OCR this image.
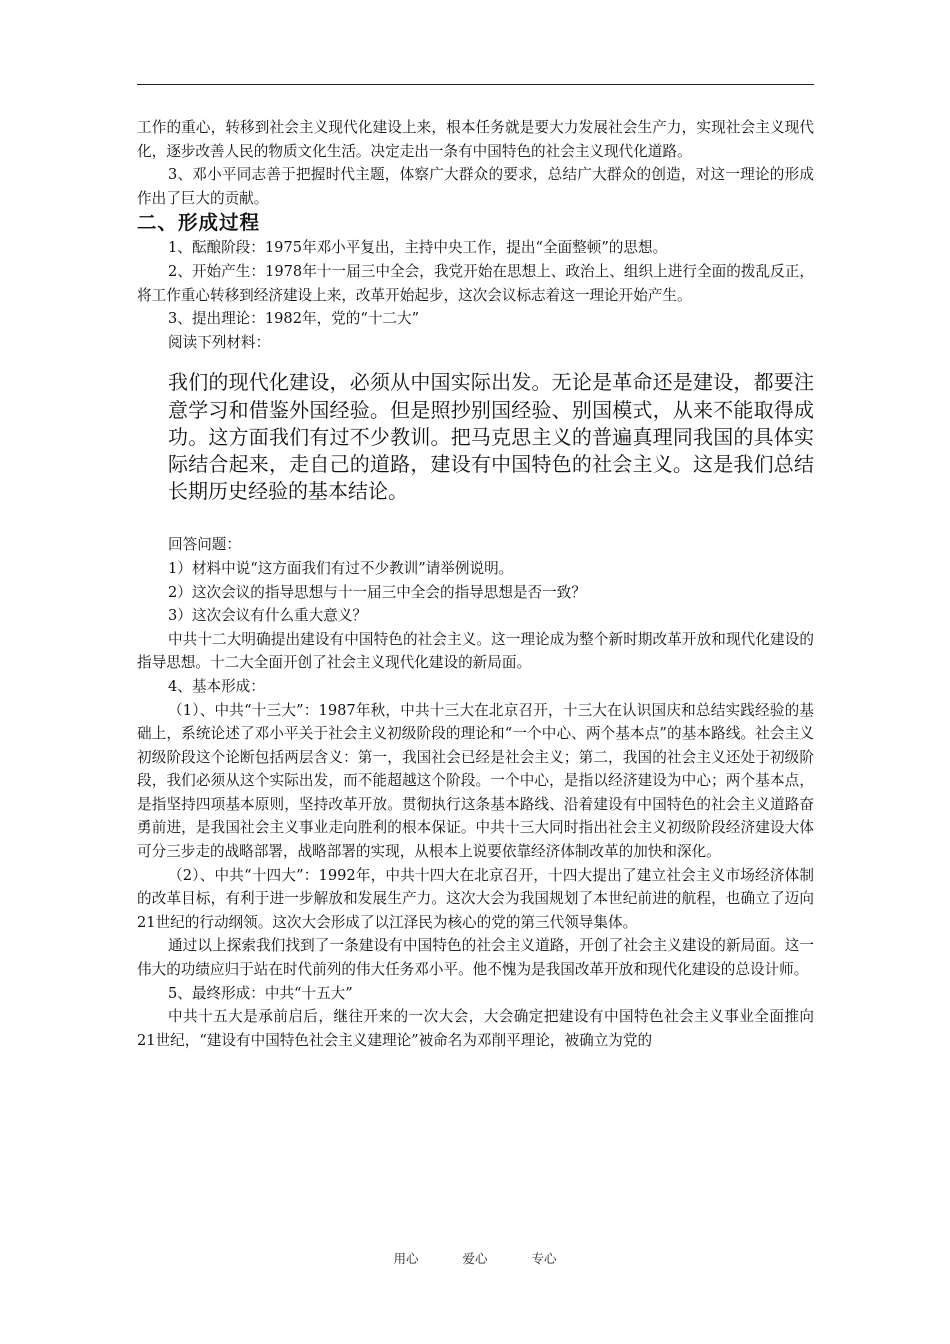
工作的重心，转移到社会主义现代化建设上来，根本任务就是要大力发展社会生产力，实现社会主义现代化，逐步改善人民的物质文化生活。决定走出一条有中国特色的社会主义现代化道路。

3、邓小平同志善于把握时代主题，体察广大群众的要求，总结广大群众的创造，对这一理论的形成作出了巨大的贡献。

二、形成过程

1、酝酿阶段：1975年邓小平复出，主持中央工作，提出“全面整顿”的思想。

2、开始产生：1978年十一届三中全会，我党开始在思想上、政治上、组织上进行全面的拨乱反正，将工作重心转移到经济建设上来，改革开始起步，这次会议标志着这一理论开始产生。

3、提出理论：1982年，党的“十二大”

阅读下列材料：

我们的现代化建设，必须从中国实际出发。无论是革命还是建设，都要注意学习和借鉴外国经验。但是照抄别国经验、别国模式，从来不能取得成功。这方面我们有过不少教训。把马克思主义的普遍真理同我国的具体实际结合起来，走自己的道路，建设有中国特色的社会主义。这是我们总结长期历史经验的基本结论。

回答问题：

1）材料中说“这方面我们有过不少教训”请举例说明。

2）这次会议的指导思想与十一届三中全会的指导思想是否一致？

3）这次会议有什么重大意义？

中共十二大明确提出建设有中国特色的社会主义。这一理论成为整个新时期改革开放和现代化建设的指导思想。十二大全面开创了社会主义现代化建设的新局面。

4、基本形成：

（1）、中共“十三大”：1987年秋，中共十三大在北京召开，十三大在认识国庆和总结实践经验的基础上，系统论述了邓小平关于社会主义初级阶段的理论和“一个中心、两个基本点”的基本路线。社会主义初级阶段这个论断包括两层含义：第一，我国社会已经是社会主义；第二，我国的社会主义还处于初级阶段，我们必须从这个实际出发，而不能超越这个阶段。一个中心，是指以经济建设为中心；两个基本点，是指坚持四项基本原则，坚持改革开放。贯彻执行这条基本路线、沿着建设有中国特色的社会主义道路奋勇前进，是我国社会主义事业走向胜利的根本保证。中共十三大同时指出社会主义初级阶段经济建设大体可分三步走的战略部署，战略部署的实现，从根本上说要依靠经济体制改革的加快和深化。

（2）、中共“十四大”：1992年，中共十四大在北京召开，十四大提出了建立社会主义市场经济体制的改革目标，有利于进一步解放和发展生产力。这次大会为我国规划了本世纪前进的航程，也确立了迈向21世纪的行动纲领。这次大会形成了以江泽民为核心的党的第三代领导集体。

通过以上探索我们找到了一条建设有中国特色的社会主义道路，开创了社会主义建设的新局面。这一伟大的功绩应归于站在时代前列的伟大任务邓小平。他不愧为是我国改革开放和现代化建设的总设计师。

5、最终形成：中共“十五大”

中共十五大是承前启后，继往开来的一次大会，大会确定把建设有中国特色社会主义事业全面推向21世纪，“建设有中国特色社会主义建理论”被命名为邓削平理论，被确立为党的

用心	爱心	专心
